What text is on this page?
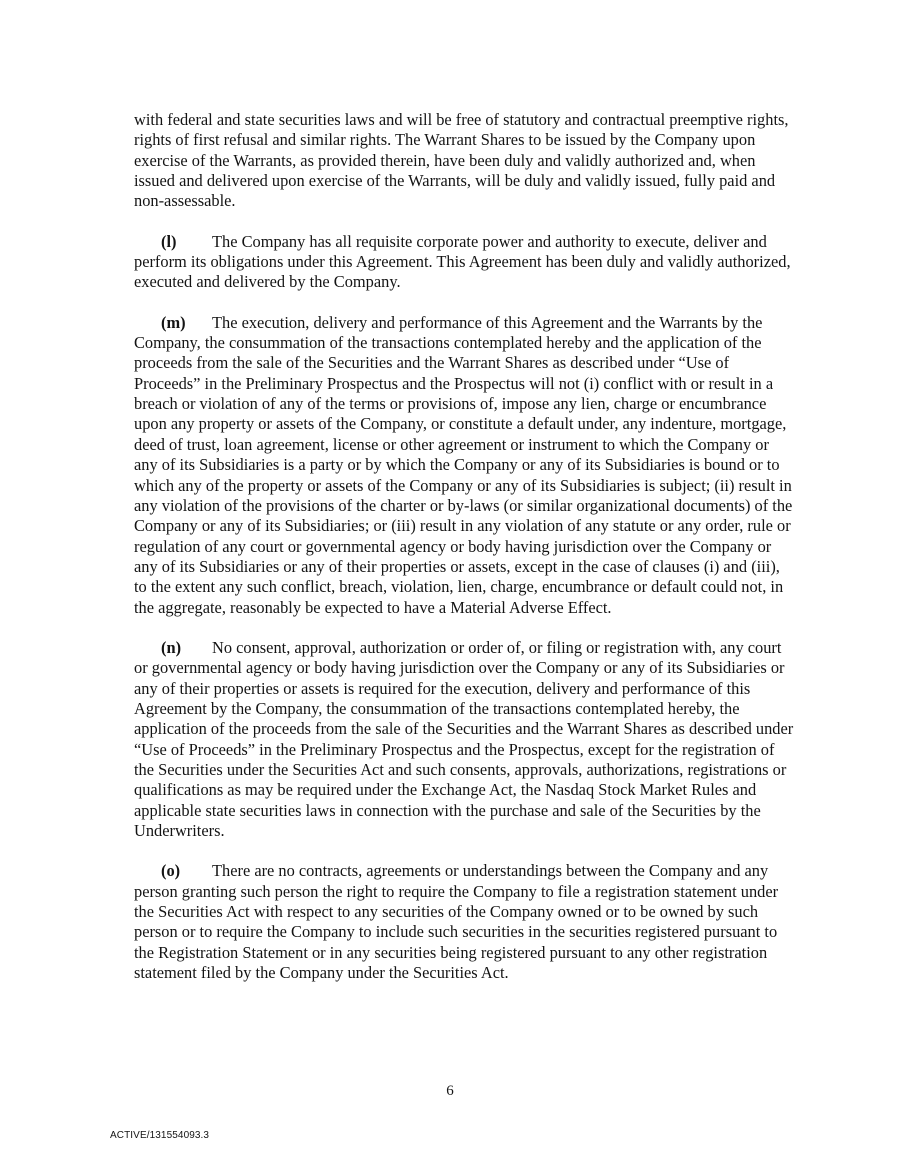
with federal and state securities laws and will be free of statutory and contractual preemptive rights, rights of first refusal and similar rights. The Warrant Shares to be issued by the Company upon exercise of the Warrants, as provided therein, have been duly and validly authorized and, when issued and delivered upon exercise of the Warrants, will be duly and validly issued, fully paid and non-assessable.

(l) The Company has all requisite corporate power and authority to execute, deliver and perform its obligations under this Agreement. This Agreement has been duly and validly authorized, executed and delivered by the Company.

(m) The execution, delivery and performance of this Agreement and the Warrants by the Company, the consummation of the transactions contemplated hereby and the application of the proceeds from the sale of the Securities and the Warrant Shares as described under “Use of Proceeds” in the Preliminary Prospectus and the Prospectus will not (i) conflict with or result in a breach or violation of any of the terms or provisions of, impose any lien, charge or encumbrance upon any property or assets of the Company, or constitute a default under, any indenture, mortgage, deed of trust, loan agreement, license or other agreement or instrument to which the Company or any of its Subsidiaries is a party or by which the Company or any of its Subsidiaries is bound or to which any of the property or assets of the Company or any of its Subsidiaries is subject; (ii) result in any violation of the provisions of the charter or by-laws (or similar organizational documents) of the Company or any of its Subsidiaries; or (iii) result in any violation of any statute or any order, rule or regulation of any court or governmental agency or body having jurisdiction over the Company or any of its Subsidiaries or any of their properties or assets, except in the case of clauses (i) and (iii), to the extent any such conflict, breach, violation, lien, charge, encumbrance or default could not, in the aggregate, reasonably be expected to have a Material Adverse Effect.

(n) No consent, approval, authorization or order of, or filing or registration with, any court or governmental agency or body having jurisdiction over the Company or any of its Subsidiaries or any of their properties or assets is required for the execution, delivery and performance of this Agreement by the Company, the consummation of the transactions contemplated hereby, the application of the proceeds from the sale of the Securities and the Warrant Shares as described under “Use of Proceeds” in the Preliminary Prospectus and the Prospectus, except for the registration of the Securities under the Securities Act and such consents, approvals, authorizations, registrations or qualifications as may be required under the Exchange Act, the Nasdaq Stock Market Rules and applicable state securities laws in connection with the purchase and sale of the Securities by the Underwriters.

(o) There are no contracts, agreements or understandings between the Company and any person granting such person the right to require the Company to file a registration statement under the Securities Act with respect to any securities of the Company owned or to be owned by such person or to require the Company to include such securities in the securities registered pursuant to the Registration Statement or in any securities being registered pursuant to any other registration statement filed by the Company under the Securities Act.

6
ACTIVE/131554093.3
